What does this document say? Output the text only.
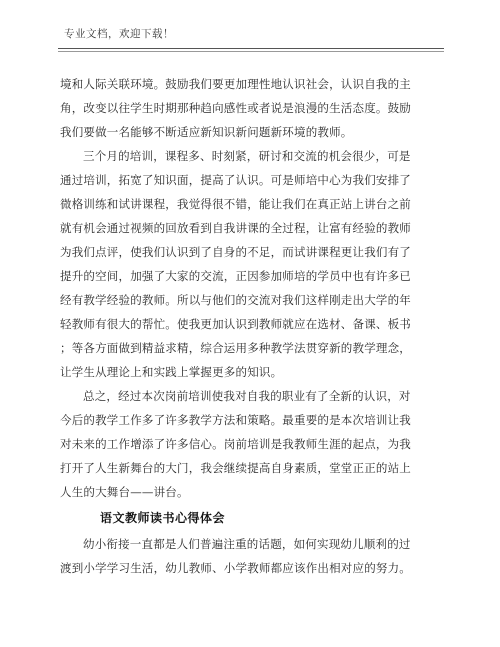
专业文档，欢迎下载！

境和人际关联环境。鼓励我们要更加理性地认识社会，认识自我的主
角，改变以往学生时期那种趋向感性或者说是浪漫的生活态度。鼓励
我们要做一名能够不断适应新知识新问题新环境的教师。

三个月的培训，课程多、时刻紧，研讨和交流的机会很少，可是
通过培训，拓宽了知识面，提高了认识。可是师培中心为我们安排了
微格训练和试讲课程，我觉得很不错，能让我们在真正站上讲台之前
就有机会通过视频的回放看到自我讲课的全过程，让富有经验的教师
为我们点评，使我们认识到了自身的不足，而试讲课程更让我们有了
提升的空间，加强了大家的交流，正因参加师培的学员中也有许多已
经有教学经验的教师。所以与他们的交流对我们这样刚走出大学的年
轻教师有很大的帮忙。使我更加认识到教师就应在选材、备课、板书
；等各方面做到精益求精，综合运用多种教学法贯穿新的教学理念，
让学生从理论上和实践上掌握更多的知识。

总之，经过本次岗前培训使我对自我的职业有了全新的认识，对
今后的教学工作多了许多教学方法和策略。最重要的是本次培训让我
对未来的工作增添了许多信心。岗前培训是我教师生涯的起点，为我
打开了人生新舞台的大门，我会继续提高自身素质，堂堂正正的站上
人生的大舞台——讲台。

语文教师读书心得体会

幼小衔接一直都是人们普遍注重的话题，如何实现幼儿顺利的过
渡到小学学习生活，幼儿教师、小学教师都应该作出相对应的努力。
